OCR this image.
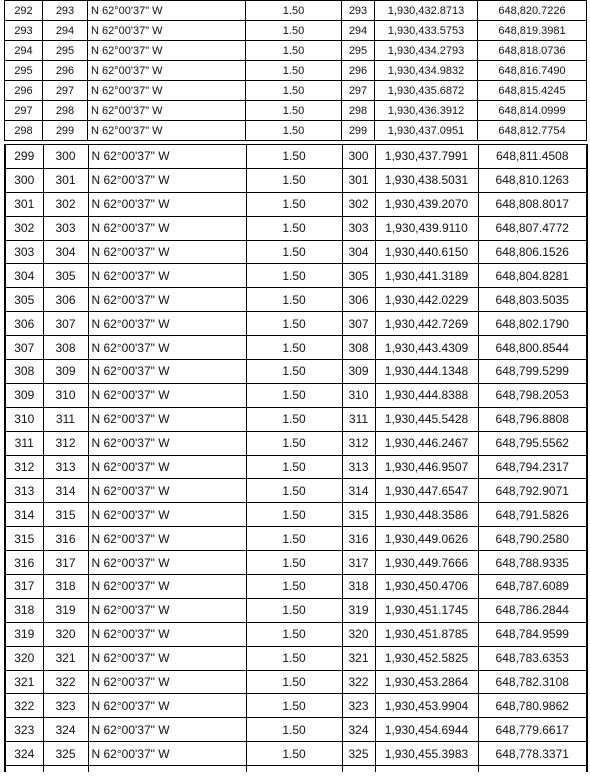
292	293	N 62°00'37" W	1.50	293	1,930,432.8713	648,820.7226
293	294	N 62°00'37" W	1.50	294	1,930,433.5753	648,819.3981
294	295	N 62°00'37" W	1.50	295	1,930,434.2793	648,818.0736
295	296	N 62°00'37" W	1.50	296	1,930,434.9832	648,816.7490
296	297	N 62°00'37" W	1.50	297	1,930,435.6872	648,815.4245
297	298	N 62°00'37" W	1.50	298	1,930,436.3912	648,814.0999
298	299	N 62°00'37" W	1.50	299	1,930,437.0951	648,812.7754
299	300	N 62°00'37" W	1.50	300	1,930,437.7991	648,811.4508
300	301	N 62°00'37" W	1.50	301	1,930,438.5031	648,810.1263
301	302	N 62°00'37" W	1.50	302	1,930,439.2070	648,808.8017
302	303	N 62°00'37" W	1.50	303	1,930,439.9110	648,807.4772
303	304	N 62°00'37" W	1.50	304	1,930,440.6150	648,806.1526
304	305	N 62°00'37" W	1.50	305	1,930,441.3189	648,804.8281
305	306	N 62°00'37" W	1.50	306	1,930,442.0229	648,803.5035
306	307	N 62°00'37" W	1.50	307	1,930,442.7269	648,802.1790
307	308	N 62°00'37" W	1.50	308	1,930,443.4309	648,800.8544
308	309	N 62°00'37" W	1.50	309	1,930,444.1348	648,799.5299
309	310	N 62°00'37" W	1.50	310	1,930,444.8388	648,798.2053
310	311	N 62°00'37" W	1.50	311	1,930,445.5428	648,796.8808
311	312	N 62°00'37" W	1.50	312	1,930,446.2467	648,795.5562
312	313	N 62°00'37" W	1.50	313	1,930,446.9507	648,794.2317
313	314	N 62°00'37" W	1.50	314	1,930,447.6547	648,792.9071
314	315	N 62°00'37" W	1.50	315	1,930,448.3586	648,791.5826
315	316	N 62°00'37" W	1.50	316	1,930,449.0626	648,790.2580
316	317	N 62°00'37" W	1.50	317	1,930,449.7666	648,788.9335
317	318	N 62°00'37" W	1.50	318	1,930,450.4706	648,787.6089
318	319	N 62°00'37" W	1.50	319	1,930,451.1745	648,786.2844
319	320	N 62°00'37" W	1.50	320	1,930,451.8785	648,784.9599
320	321	N 62°00'37" W	1.50	321	1,930,452.5825	648,783.6353
321	322	N 62°00'37" W	1.50	322	1,930,453.2864	648,782.3108
322	323	N 62°00'37" W	1.50	323	1,930,453.9904	648,780.9862
323	324	N 62°00'37" W	1.50	324	1,930,454.6944	648,779.6617
324	325	N 62°00'37" W	1.50	325	1,930,455.3983	648,778.3371
